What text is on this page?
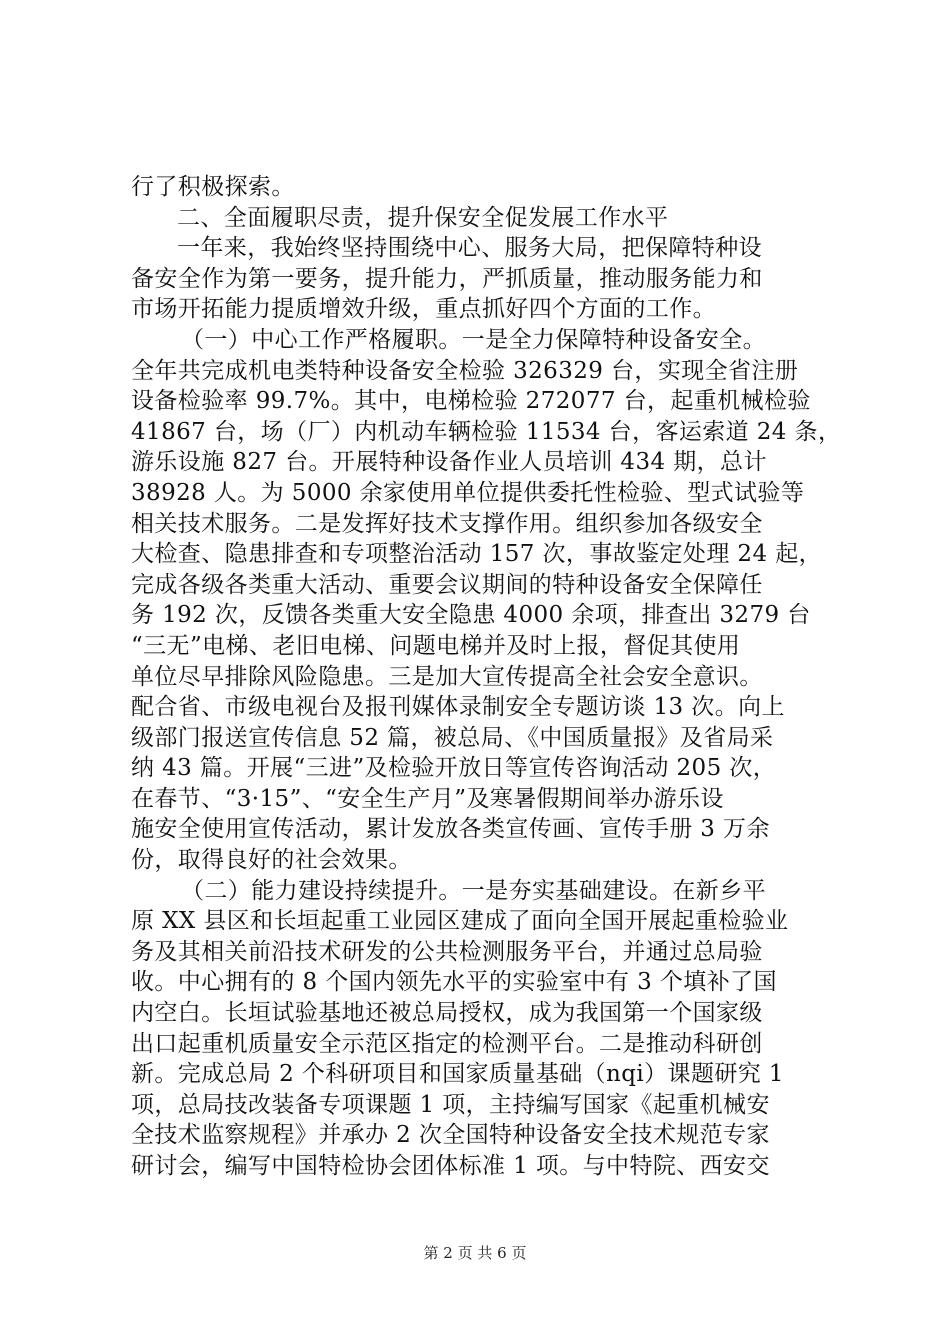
行了积极探索。
二、全面履职尽责，提升保安全促发展工作水平
一年来，我始终坚持围绕中心、服务大局，把保障特种设
备安全作为第一要务，提升能力，严抓质量，推动服务能力和
市场开拓能力提质增效升级，重点抓好四个方面的工作。
（一）中心工作严格履职。一是全力保障特种设备安全。
全年共完成机电类特种设备安全检验 326329 台，实现全省注册
设备检验率 99.7%。其中，电梯检验 272077 台，起重机械检验
41867 台，场（厂）内机动车辆检验 11534 台，客运索道 24 条，
游乐设施 827 台。开展特种设备作业人员培训 434 期，总计
38928 人。为 5000 余家使用单位提供委托性检验、型式试验等
相关技术服务。二是发挥好技术支撑作用。组织参加各级安全
大检查、隐患排查和专项整治活动 157 次，事故鉴定处理 24 起，
完成各级各类重大活动、重要会议期间的特种设备安全保障任
务 192 次，反馈各类重大安全隐患 4000 余项，排查出 3279 台
“三无”电梯、老旧电梯、问题电梯并及时上报，督促其使用
单位尽早排除风险隐患。三是加大宣传提高全社会安全意识。
配合省、市级电视台及报刊媒体录制安全专题访谈 13 次。向上
级部门报送宣传信息 52 篇，被总局、《中国质量报》及省局采
纳 43 篇。开展“三进”及检验开放日等宣传咨询活动 205 次，
在春节、“3·15”、“安全生产月”及寒暑假期间举办游乐设
施安全使用宣传活动，累计发放各类宣传画、宣传手册 3 万余
份，取得良好的社会效果。
（二）能力建设持续提升。一是夯实基础建设。在新乡平
原 XX 县区和长垣起重工业园区建成了面向全国开展起重检验业
务及其相关前沿技术研发的公共检测服务平台，并通过总局验
收。中心拥有的 8 个国内领先水平的实验室中有 3 个填补了国
内空白。长垣试验基地还被总局授权，成为我国第一个国家级
出口起重机质量安全示范区指定的检测平台。二是推动科研创
新。完成总局 2 个科研项目和国家质量基础（nqi）课题研究 1
项，总局技改装备专项课题 1 项，主持编写国家《起重机械安
全技术监察规程》并承办 2 次全国特种设备安全技术规范专家
研讨会，编写中国特检协会团体标准 1 项。与中特院、西安交
第 2 页 共 6 页
